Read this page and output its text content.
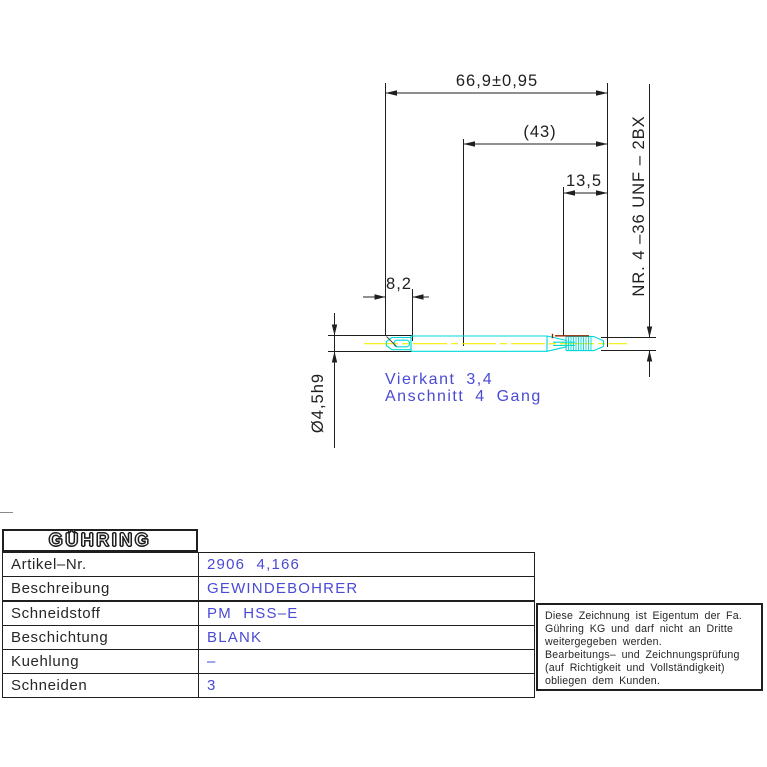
66,9±0,95
(43)
13,5
8,2
Ø4,5h9
NR. 4 –36 UNF – 2BX
Vierkant 3,4
Anschnitt 4 Gang
GÜHRING
Artikel–Nr.	2906 4,166
Beschreibung	GEWINDEBOHRER
Schneidstoff	PM HSS–E
Beschichtung	BLANK
Kuehlung	–
Schneiden	3
Diese Zeichnung ist Eigentum der Fa.
Gühring KG und darf nicht an Dritte
weitergegeben werden.
Bearbeitungs– und Zeichnungsprüfung
(auf Richtigkeit und Vollständigkeit)
obliegen dem Kunden.
